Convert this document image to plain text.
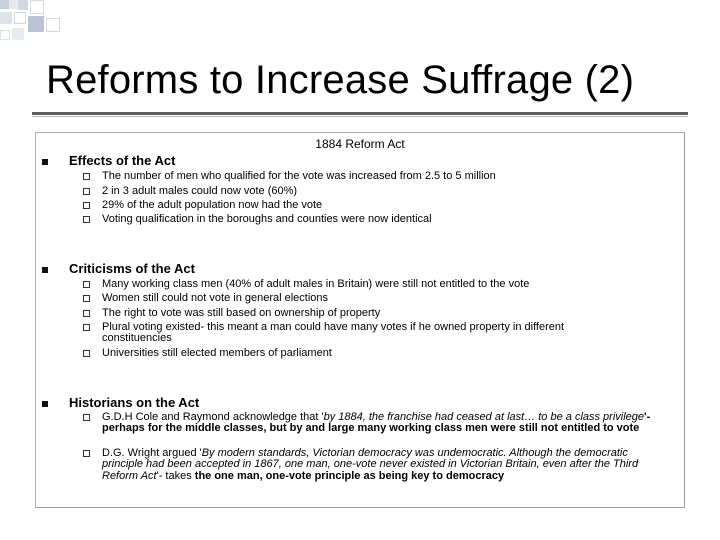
Reforms to Increase Suffrage (2)
1884 Reform Act
Effects of the Act
The number of men who qualified for the vote was increased from 2.5 to 5 million
2 in 3 adult males could now vote (60%)
29% of the adult population now had the vote
Voting qualification in the boroughs and counties were now identical
Criticisms of the Act
Many working class men (40% of adult males in Britain) were still not entitled to the vote
Women still could not vote in general elections
The right to vote was still based on ownership of property
Plural voting existed- this meant a man could have many votes if he owned property in different constituencies
Universities still elected members of parliament
Historians on the Act
G.D.H Cole and Raymond acknowledge that 'by 1884, the franchise had ceased at last… to be a class privilege'- perhaps for the middle classes, but by and large many working class men were still not entitled to vote
D.G. Wright argued 'By modern standards, Victorian democracy was undemocratic. Although the democratic principle had been accepted in 1867, one man, one-vote never existed in Victorian Britain, even after the Third Reform Act'- takes the one man, one-vote principle as being key to democracy
